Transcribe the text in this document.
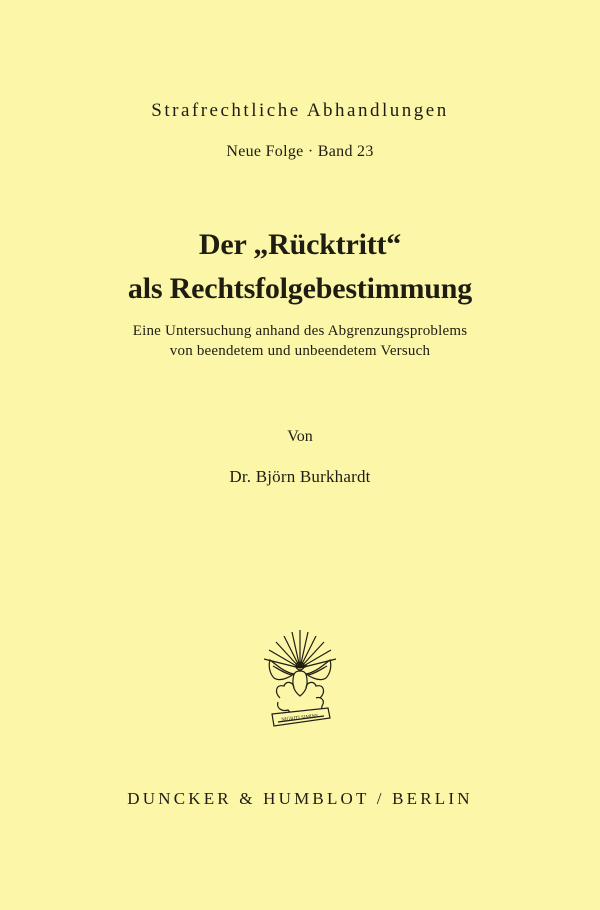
Strafrechtliche Abhandlungen
Neue Folge · Band 23
Der „Rücktritt“
als Rechtsfolgebestimmung
Eine Untersuchung anhand des Abgrenzungsproblems
von beendetem und unbeendetem Versuch
Von
Dr. Björn Burkhardt
NIGRITI SIMINE
DUNCKER & HUMBLOT / BERLIN
